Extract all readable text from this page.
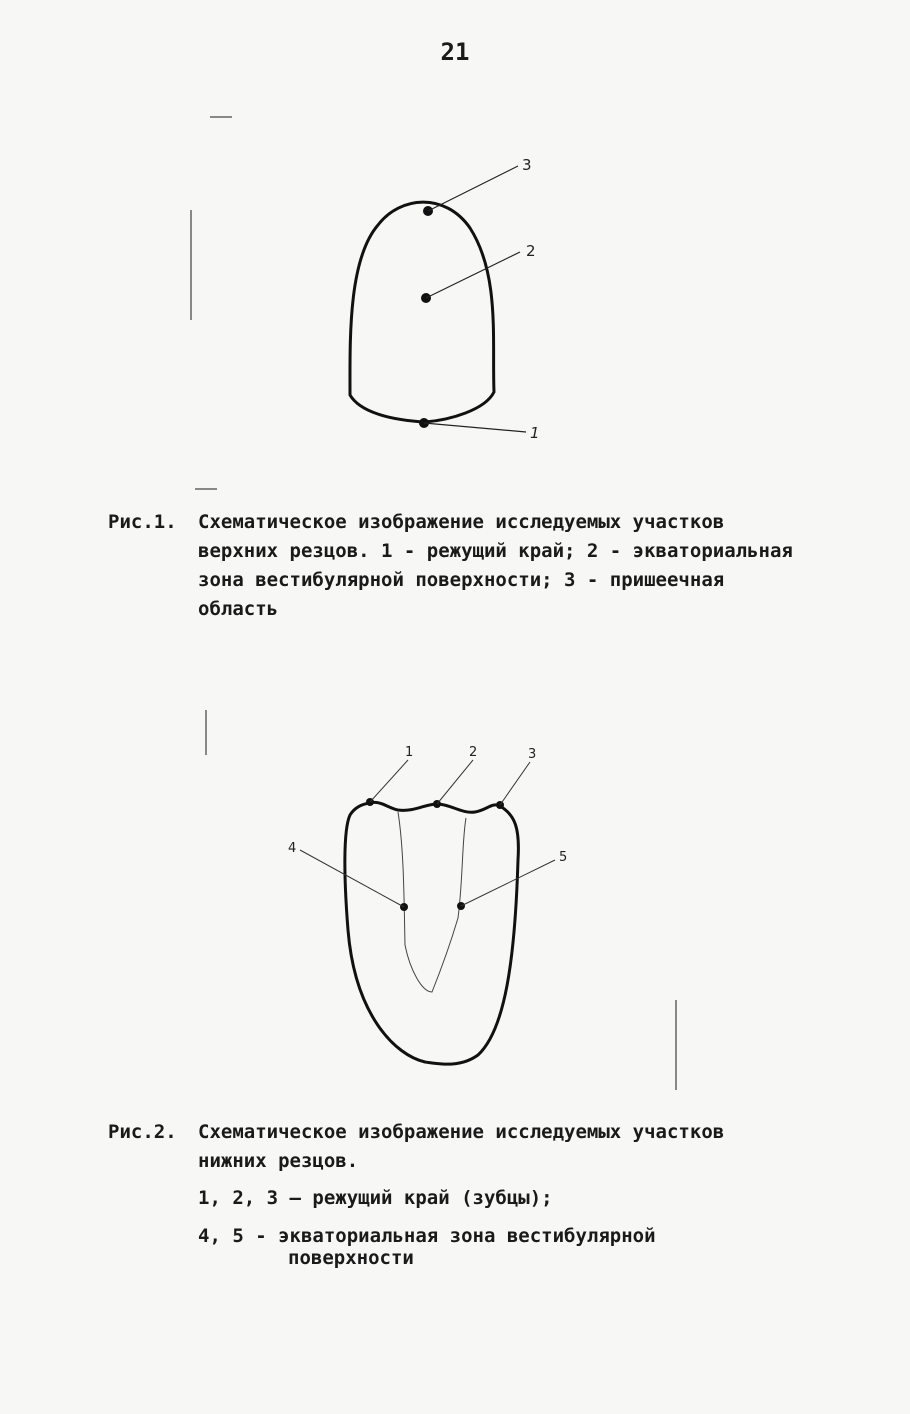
21
3
2
1
Рис.1. Схематическое изображение исследуемых участков верхних резцов. 1 - режущий край; 2 - экваториальная зона вестибулярной поверхности; 3 - пришеечная область
1	2	3
4
5
Рис.2. Схематическое изображение исследуемых участков нижних резцов.
1, 2, 3 – режущий край (зубцы);
4, 5 - экваториальная зона вестибулярной
поверхности
